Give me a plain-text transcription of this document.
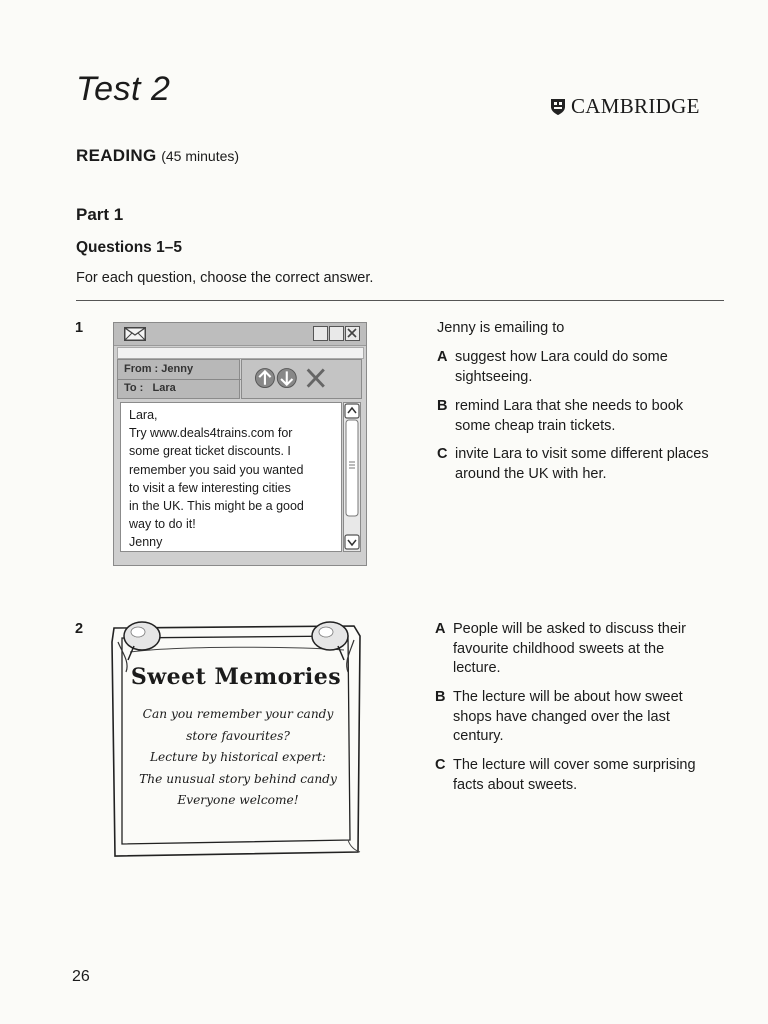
Test 2	CAMBRIDGE
READING (45 minutes)
Part 1
Questions 1–5
For each question, choose the correct answer.
1
From : Jenny
To : Lara
Lara,
Try www.deals4trains.com for
some great ticket discounts. I
remember you said you wanted
to visit a few interesting cities
in the UK. This might be a good
way to do it!
Jenny
Jenny is emailing to
A suggest how Lara could do some
sightseeing.
B remind Lara that she needs to book
some cheap train tickets.
C invite Lara to visit some different places
around the UK with her.
2
Sweet Memories
Can you remember your candy
store favourites?
Lecture by historical expert:
The unusual story behind candy
Everyone welcome!
A People will be asked to discuss their
favourite childhood sweets at the
lecture.
B The lecture will be about how sweet
shops have changed over the last
century.
C The lecture will cover some surprising
facts about sweets.
26
